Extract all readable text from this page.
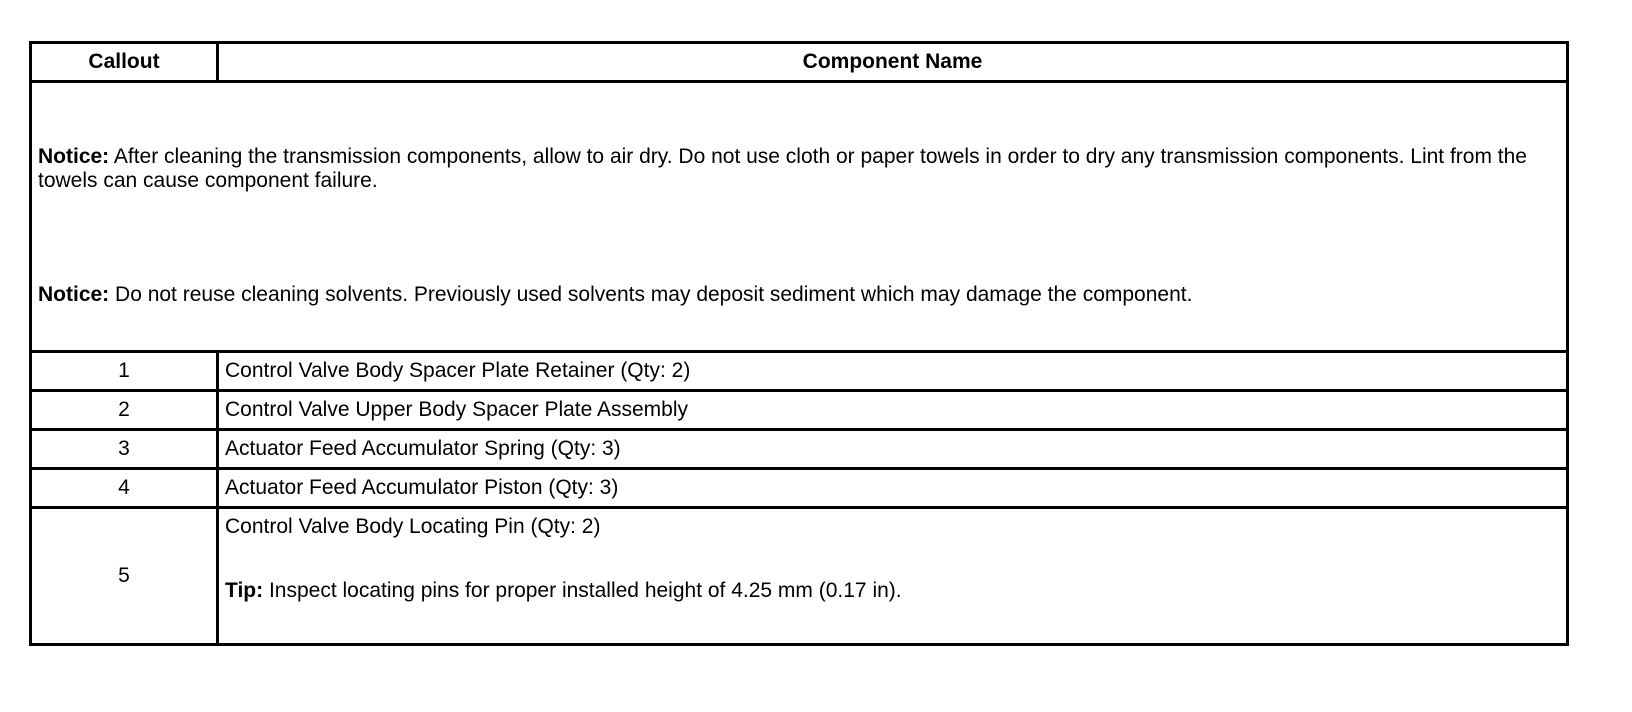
Callout	Component Name

Notice: After cleaning the transmission components, allow to air dry. Do not use cloth or paper towels in order to dry any transmission components. Lint from the towels can cause component failure.
Notice: Do not reuse cleaning solvents. Previously used solvents may deposit sediment which may damage the component.	

1	Control Valve Body Spacer Plate Retainer (Qty: 2)
2	Control Valve Upper Body Spacer Plate Assembly
3	Actuator Feed Accumulator Spring (Qty: 3)
4	Actuator Feed Accumulator Piston (Qty: 3)
5	Control Valve Body Locating Pin (Qty: 2)
Tip: Inspect locating pins for proper installed height of 4.25 mm (0.17 in).
